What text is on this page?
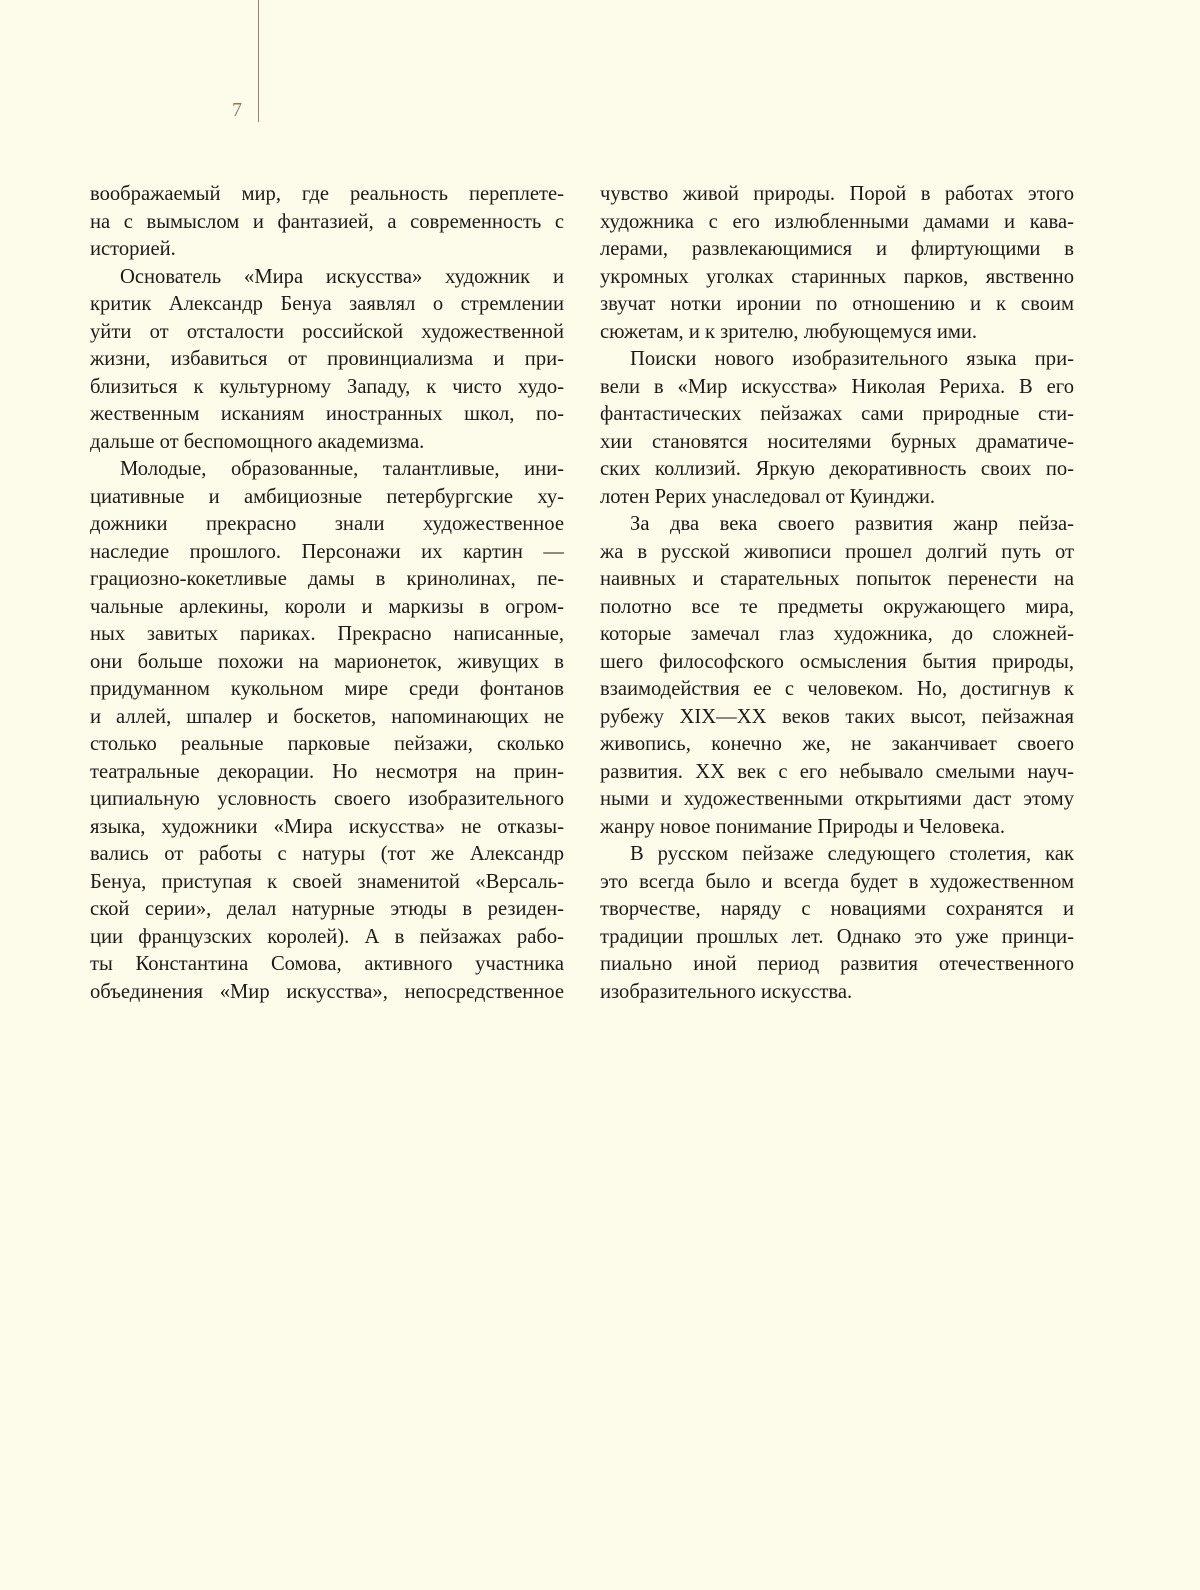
7
воображаемый мир, где реальность переплете-
на с вымыслом и фантазией, а современность с
историей.
Основатель «Мира искусства» художник и
критик Александр Бенуа заявлял о стремлении
уйти от отсталости российской художественной
жизни, избавиться от провинциализма и при-
близиться к культурному Западу, к чисто худо-
жественным исканиям иностранных школ, по-
дальше от беспомощного академизма.
Молодые, образованные, талантливые, ини-
циативные и амбициозные петербургские ху-
дожники прекрасно знали художественное
наследие прошлого. Персонажи их картин —
грациозно-кокетливые дамы в кринолинах, пе-
чальные арлекины, короли и маркизы в огром-
ных завитых париках. Прекрасно написанные,
они больше похожи на марионеток, живущих в
придуманном кукольном мире среди фонтанов
и аллей, шпалер и боскетов, напоминающих не
столько реальные парковые пейзажи, сколько
театральные декорации. Но несмотря на прин-
ципиальную условность своего изобразительного
языка, художники «Мира искусства» не отказы-
вались от работы с натуры (тот же Александр
Бенуа, приступая к своей знаменитой «Версаль-
ской серии», делал натурные этюды в резиден-
ции французских королей). А в пейзажах рабо-
ты Константина Сомова, активного участника
объединения «Мир искусства», непосредственное
чувство живой природы. Порой в работах этого
художника с его излюбленными дамами и кава-
лерами, развлекающимися и флиртующими в
укромных уголках старинных парков, явственно
звучат нотки иронии по отношению и к своим
сюжетам, и к зрителю, любующемуся ими.
Поиски нового изобразительного языка при-
вели в «Мир искусства» Николая Рериха. В его
фантастических пейзажах сами природные сти-
хии становятся носителями бурных драматиче-
ских коллизий. Яркую декоративность своих по-
лотен Рерих унаследовал от Куинджи.
За два века своего развития жанр пейза-
жа в русской живописи прошел долгий путь от
наивных и старательных попыток перенести на
полотно все те предметы окружающего мира,
которые замечал глаз художника, до сложней-
шего философского осмысления бытия природы,
взаимодействия ее с человеком. Но, достигнув к
рубежу XIX—XX веков таких высот, пейзажная
живопись, конечно же, не заканчивает своего
развития. XX век с его небывало смелыми науч-
ными и художественными открытиями даст этому
жанру новое понимание Природы и Человека.
В русском пейзаже следующего столетия, как
это всегда было и всегда будет в художественном
творчестве, наряду с новациями сохранятся и
традиции прошлых лет. Однако это уже принци-
пиально иной период развития отечественного
изобразительного искусства.
